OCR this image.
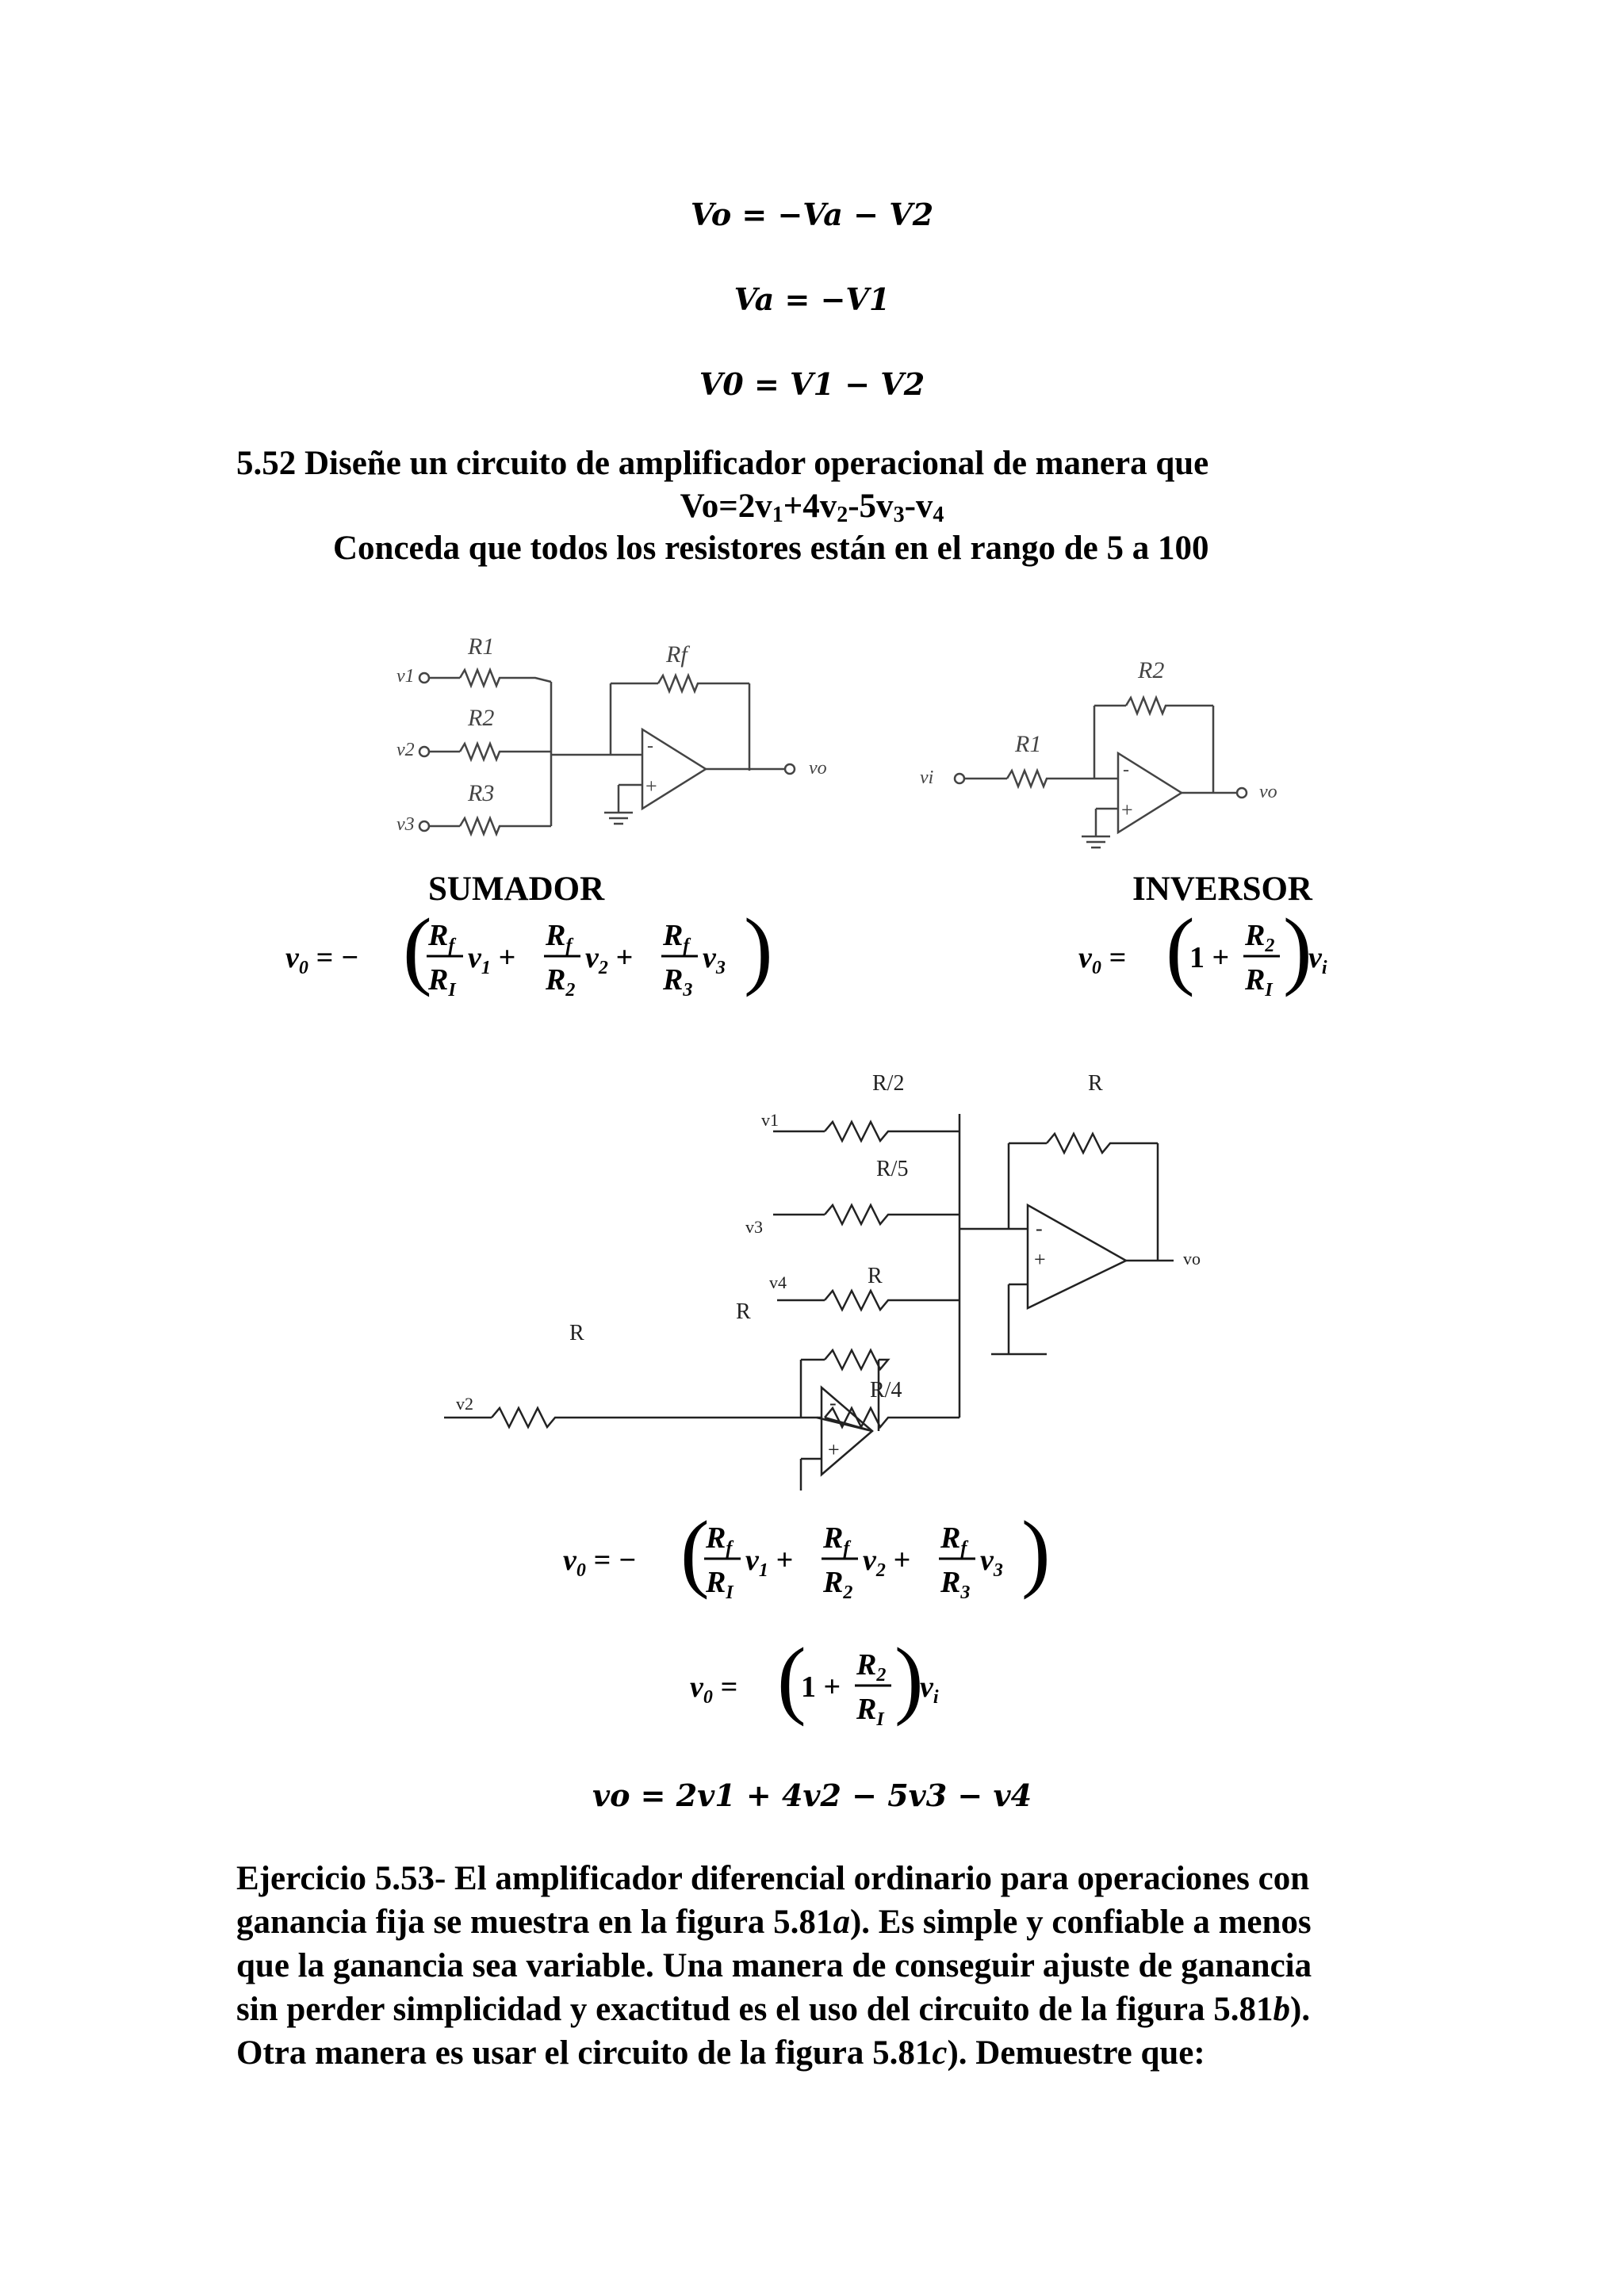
Vo = −Va − V2
Va = −V1
V0 = V1 − V2
5.52 Diseñe un circuito de amplificador operacional de manera que
$Vo=2v_1+4v_2-5v_3-v_4$
Conceda que todos los resistores están en el rango de 5 a 100
v1
v2
v3
R1
R2
R3
Rf
vo
-
+	vi
R1
R2
vo
-
+
SUMADOR	INVERSOR
$v_0$ = − (
$R_f$
$R_I$
$v_1$ +
$R_f$
$R_2$
$v_2$ +
$R_f$
$R_3$
$v_3$ )	$v_0$ = (
1 +
$R_2$
$R_I$ )
$v_i$
R/2
R/5
R
R
R
R
R/4
v1
v3
v4
v2
vo
-
+
-
+
$v_0$ = − (
$R_f$
$R_I$
$v_1$ +
$R_f$
$R_2$
$v_2$ +
$R_f$
$R_3$
$v_3$ )
$v_0$ = (
1 +
$R_2$
$R_I$ )
$v_i$
vo = 2v1 + 4v2 − 5v3 − v4

Ejercicio 5.53- El amplificador diferencial ordinario para operaciones con

ganancia fija se muestra en la figura 5.81a). Es simple y confiable a menos

que la ganancia sea variable. Una manera de conseguir ajuste de ganancia

sin perder simplicidad y exactitud es el uso del circuito de la figura 5.81b).

Otra manera es usar el circuito de la figura 5.81c). Demuestre que:
